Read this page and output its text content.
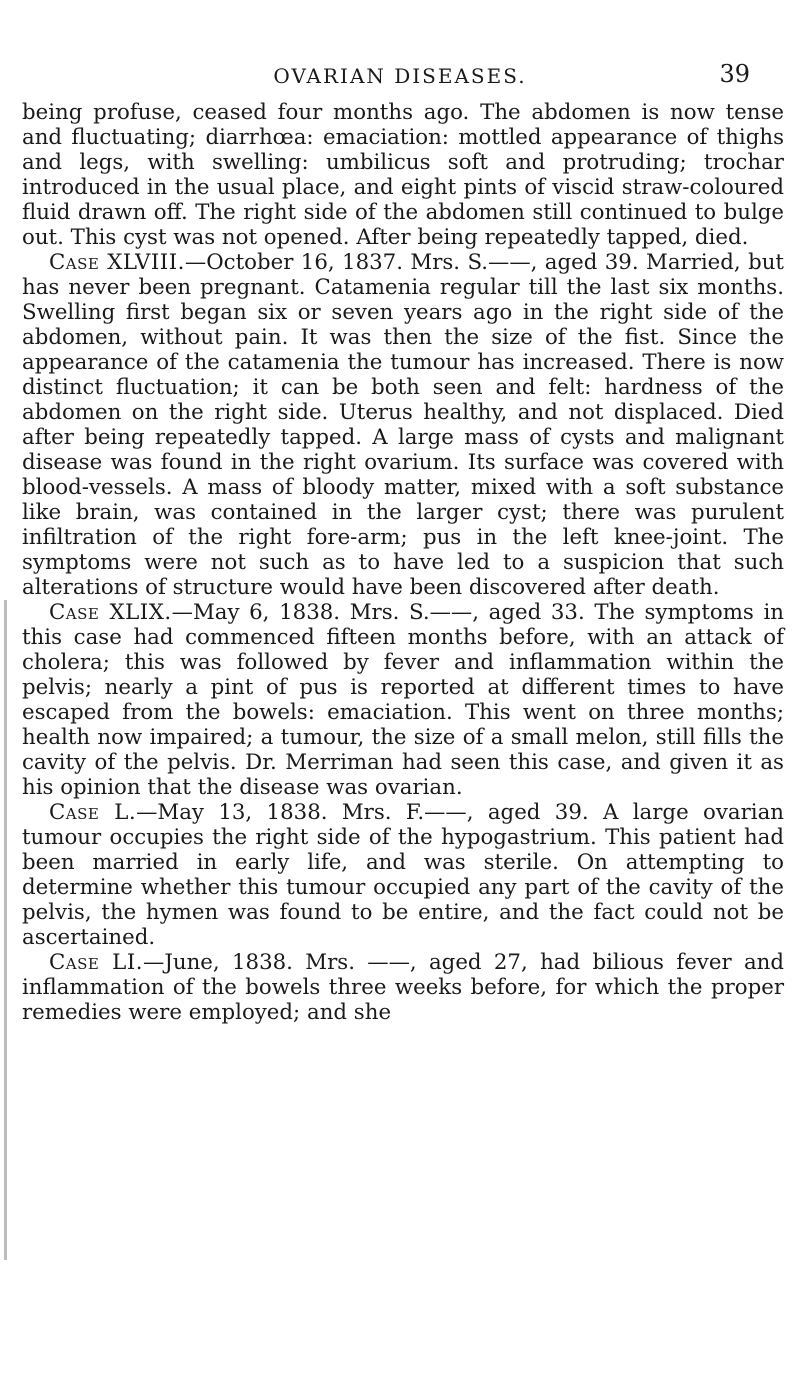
OVARIAN DISEASES.	39

being profuse, ceased four months ago. The abdomen is now tense and fluctuating; diarrhœa: emaciation: mottled appearance of thighs and legs, with swelling: umbilicus soft and protruding; trochar introduced in the usual place, and eight pints of viscid straw-coloured fluid drawn off. The right side of the abdomen still continued to bulge out. This cyst was not opened. After being repeatedly tapped, died.

Case XLVIII.—October 16, 1837. Mrs. S.——, aged 39. Married, but has never been pregnant. Catamenia regular till the last six months. Swelling first began six or seven years ago in the right side of the abdomen, without pain. It was then the size of the fist. Since the appearance of the catamenia the tumour has increased. There is now distinct fluctuation; it can be both seen and felt: hardness of the abdomen on the right side. Uterus healthy, and not displaced. Died after being repeatedly tapped. A large mass of cysts and malignant disease was found in the right ovarium. Its surface was covered with blood-vessels. A mass of bloody matter, mixed with a soft substance like brain, was contained in the larger cyst; there was purulent infiltration of the right fore-arm; pus in the left knee-joint. The symptoms were not such as to have led to a suspicion that such alterations of structure would have been discovered after death.

Case XLIX.—May 6, 1838. Mrs. S.——, aged 33. The symptoms in this case had commenced fifteen months before, with an attack of cholera; this was followed by fever and inflammation within the pelvis; nearly a pint of pus is reported at different times to have escaped from the bowels: emaciation. This went on three months; health now impaired; a tumour, the size of a small melon, still fills the cavity of the pelvis. Dr. Merriman had seen this case, and given it as his opinion that the disease was ovarian.

Case L.—May 13, 1838. Mrs. F.——, aged 39. A large ovarian tumour occupies the right side of the hypogastrium. This patient had been married in early life, and was sterile. On attempting to determine whether this tumour occupied any part of the cavity of the pelvis, the hymen was found to be entire, and the fact could not be ascertained.

Case LI.—June, 1838. Mrs. ——, aged 27, had bilious fever and inflammation of the bowels three weeks before, for which the proper remedies were employed; and she
